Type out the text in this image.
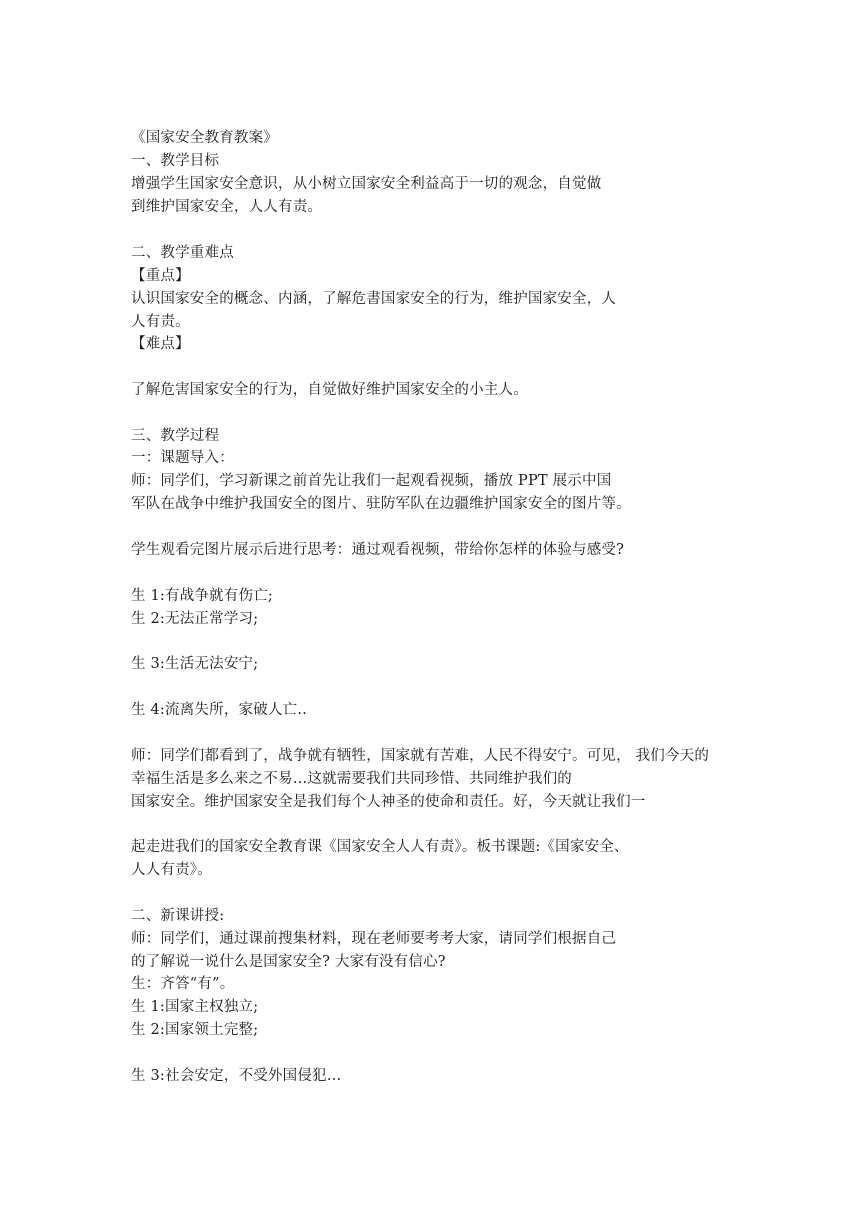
《国家安全教育教案》
一、教学目标
增强学生国家安全意识，从小树立国家安全利益高于一切的观念，自觉做
到维护国家安全，人人有责。
二、教学重难点
【重点】
认识国家安全的概念、内涵，了解危書国家安全的行为，维护国家安全，人
人有责。
【难点】
了解危害国家安全的行为，自觉做好维护国家安全的小主人。
三、教学过程
一：课题导入：
师：同学们，学习新课之前首先让我们一起观看视频，播放 PPT 展示中国
军队在战争中维护我国安全的图片、驻防军队在边疆维护国家安全的图片等。
学生观看完图片展示后进行思考：通过观看视频，带给你怎样的体验与感受?
生 1:有战争就有伤亡;
生 2:无法正常学习;
生 3:生活无法安宁;
生 4:流离失所，家破人亡..
师：同学们都看到了，战争就有牺牲，国家就有苦难，人民不得安宁。可见， 我们今天的
幸福生活是多么来之不易…这就需要我们共同珍惜、共同维护我们的
国家安全。维护国家安全是我们每个人神圣的使命和责任。好，今天就让我们一
起走进我们的国家安全教育课《国家安全人人有责》。板书课题:《国家安全、
人人有责》。
二、新课讲授:
师：同学们，通过课前搜集材料，现在老师要考考大家，请同学们根据自己
的了解说一说什么是国家安全? 大家有没有信心?
生：齐答“有”。
生 1:国家主权独立;
生 2:国家领土完整;
生 3:社会安定，不受外国侵犯…
